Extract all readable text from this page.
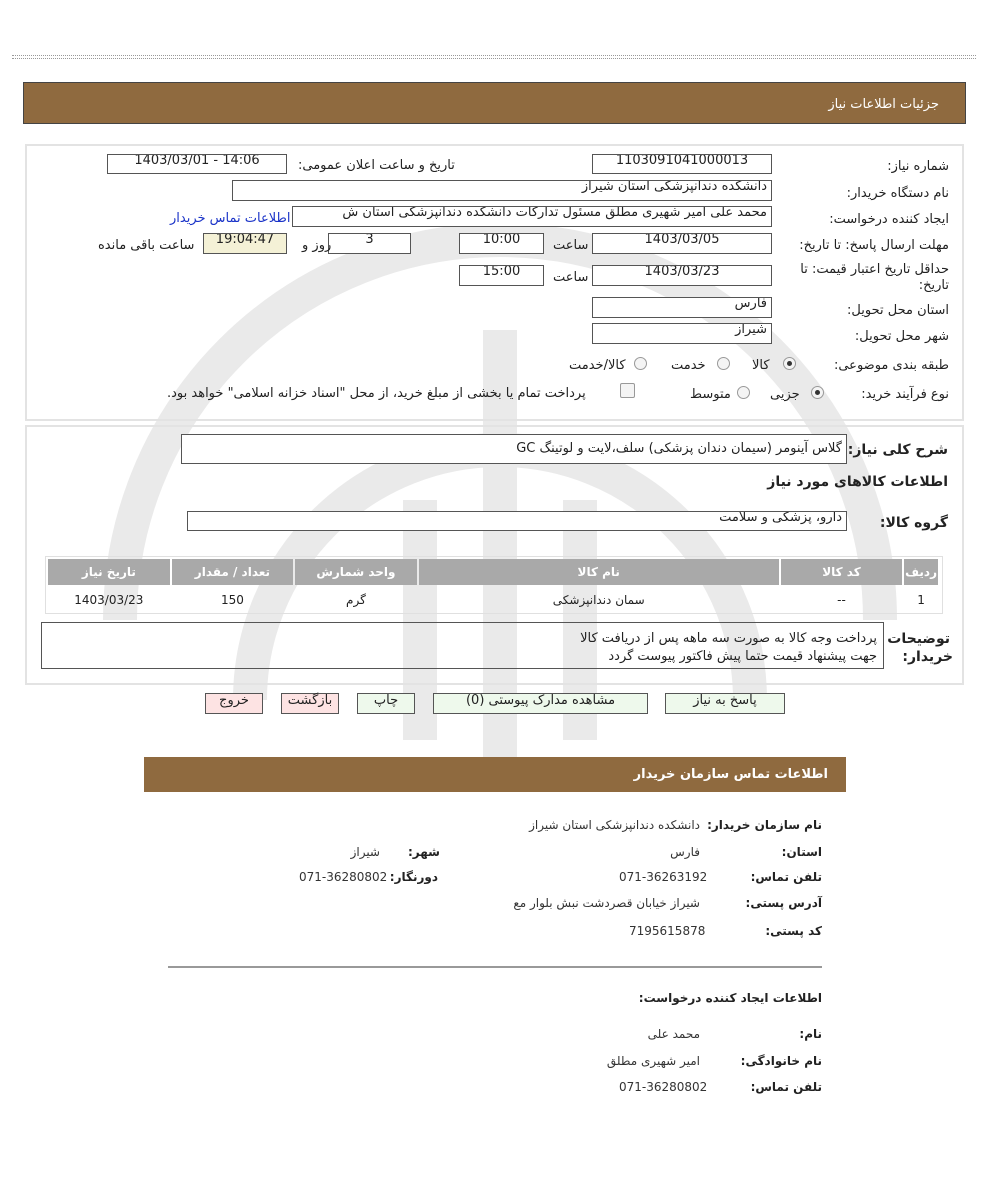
جزئیات اطلاعات نیاز
شماره نیاز:
1103091041000013
تاریخ و ساعت اعلان عمومی:
1403/03/01 - 14:06
نام دستگاه خریدار:
دانشکده دندانپزشکی استان شیراز
ایجاد کننده درخواست:
محمد علی امیر شهیری مطلق مسئول تدارکات دانشکده دندانپزشکی استان ش
اطلاعات تماس خریدار
مهلت ارسال پاسخ: تا تاریخ:
1403/03/05
ساعت
10:00
3
روز و
19:04:47
ساعت باقی مانده
حداقل تاریخ اعتبار قیمت: تا تاریخ:
1403/03/23
ساعت
15:00
استان محل تحویل:
فارس
شهر محل تحویل:
شیراز
طبقه بندی موضوعی:
کالا
خدمت
کالا/خدمت
نوع فرآیند خرید:
جزیی
متوسط
پرداخت تمام یا بخشی از مبلغ خرید، از محل "اسناد خزانه اسلامی" خواهد بود.
شرح کلی نیاز:
گلاس آینومر (سیمان دندان پزشکی) سلف،لایت و لوتینگ GC
اطلاعات کالاهای مورد نیاز
گروه کالا:
دارو، پزشکی و سلامت
ردیف	کد کالا	نام کالا	واحد شمارش	تعداد / مقدار	تاریخ نیاز
1	--	سمان دندانپزشکی	گرم	150	1403/03/23
توضیحات
خریدار:
پرداخت وجه کالا به صورت سه ماهه پس از دریافت کالا
جهت پیشنهاد قیمت حتما پیش فاکتور پیوست گردد
پاسخ به نیاز
مشاهده مدارک پیوستی (0)
چاپ
بازگشت
خروج
اطلاعات تماس سازمان خریدار
نام سازمان خریدار:
دانشکده دندانپزشکی استان شیراز
استان:
فارس
شهر:
شیراز
تلفن تماس:
071-36263192
دورنگار:
071-36280802
آدرس پستی:
شیراز خیابان قصردشت نبش بلوار مع
کد پستی:
7195615878
اطلاعات ایجاد کننده درخواست:
نام:
محمد علی
نام خانوادگی:
امیر شهیری مطلق
تلفن تماس:
071-36280802
